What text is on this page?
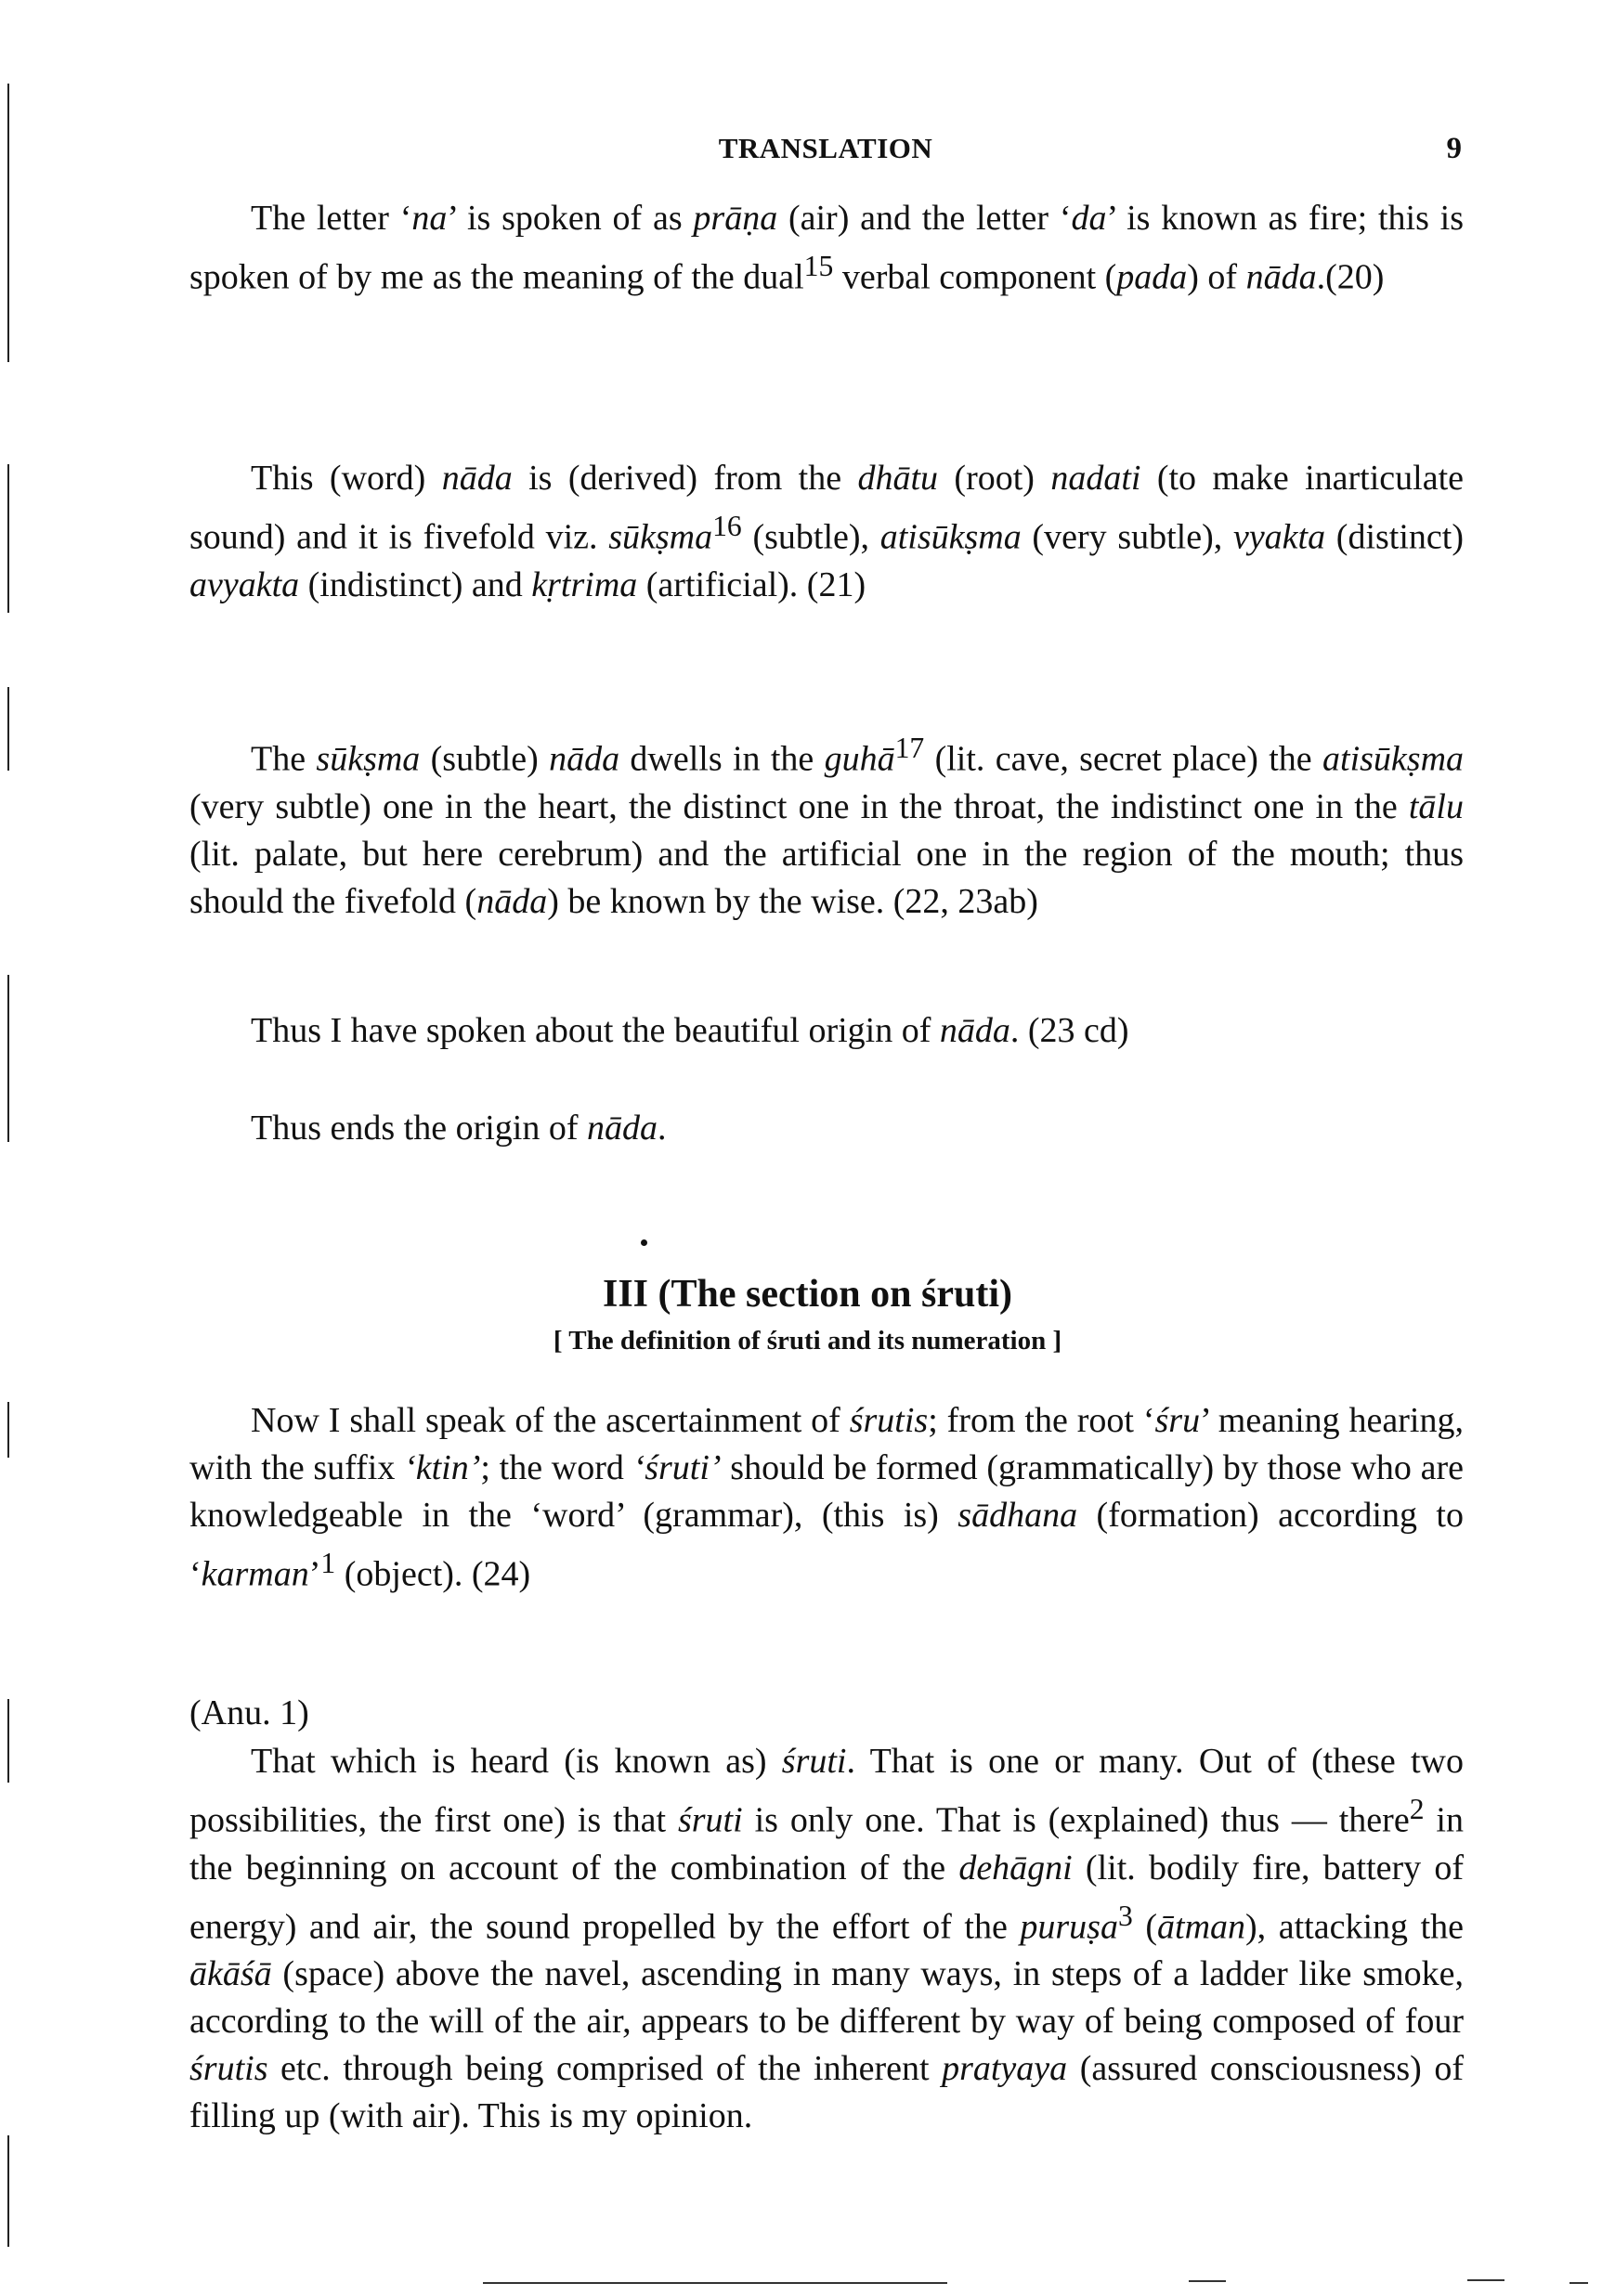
TRANSLATION	9

The letter ‘na’ is spoken of as prāṇa (air) and the letter ‘da’ is known as fire; this is spoken of by me as the meaning of the dual$^{15}$ verbal component (pada) of nāda.(20)

This (word) nāda is (derived) from the dhātu (root) nadati (to make inarticulate sound) and it is fivefold viz. sūkṣma$^{16}$ (subtle), atisūkṣma (very subtle), vyakta (distinct) avyakta (indistinct) and kṛtrima (artificial). (21)

The sūkṣma (subtle) nāda dwells in the guhā$^{17}$ (lit. cave, secret place) the atisūkṣma (very subtle) one in the heart, the distinct one in the throat, the indistinct one in the tālu (lit. palate, but here cerebrum) and the artificial one in the region of the mouth; thus should the fivefold (nāda) be known by the wise. (22, 23ab)

Thus I have spoken about the beautiful origin of nāda. (23 cd)

Thus ends the origin of nāda.

III (The section on śruti)
[ The definition of śruti and its numeration ]

Now I shall speak of the ascertainment of śrutis; from the root ‘śru’ meaning hearing, with the suffix ‘ktin’; the word ‘śruti’ should be formed (grammatically) by those who are knowledgeable in the ‘word’ (grammar), (this is) sādhana (formation) according to ‘karman’$^1$ (object). (24)

(Anu. 1)

That which is heard (is known as) śruti. That is one or many. Out of (these two possibilities, the first one) is that śruti is only one. That is (explained) thus — there$^2$ in the beginning on account of the combination of the dehāgni (lit. bodily fire, battery of energy) and air, the sound propelled by the effort of the puruṣa$^3$ (ātman), attacking the ākāśā (space) above the navel, ascending in many ways, in steps of a ladder like smoke, according to the will of the air, appears to be different by way of being composed of four śrutis etc. through being comprised of the inherent pratyaya (assured consciousness) of filling up (with air). This is my opinion.
